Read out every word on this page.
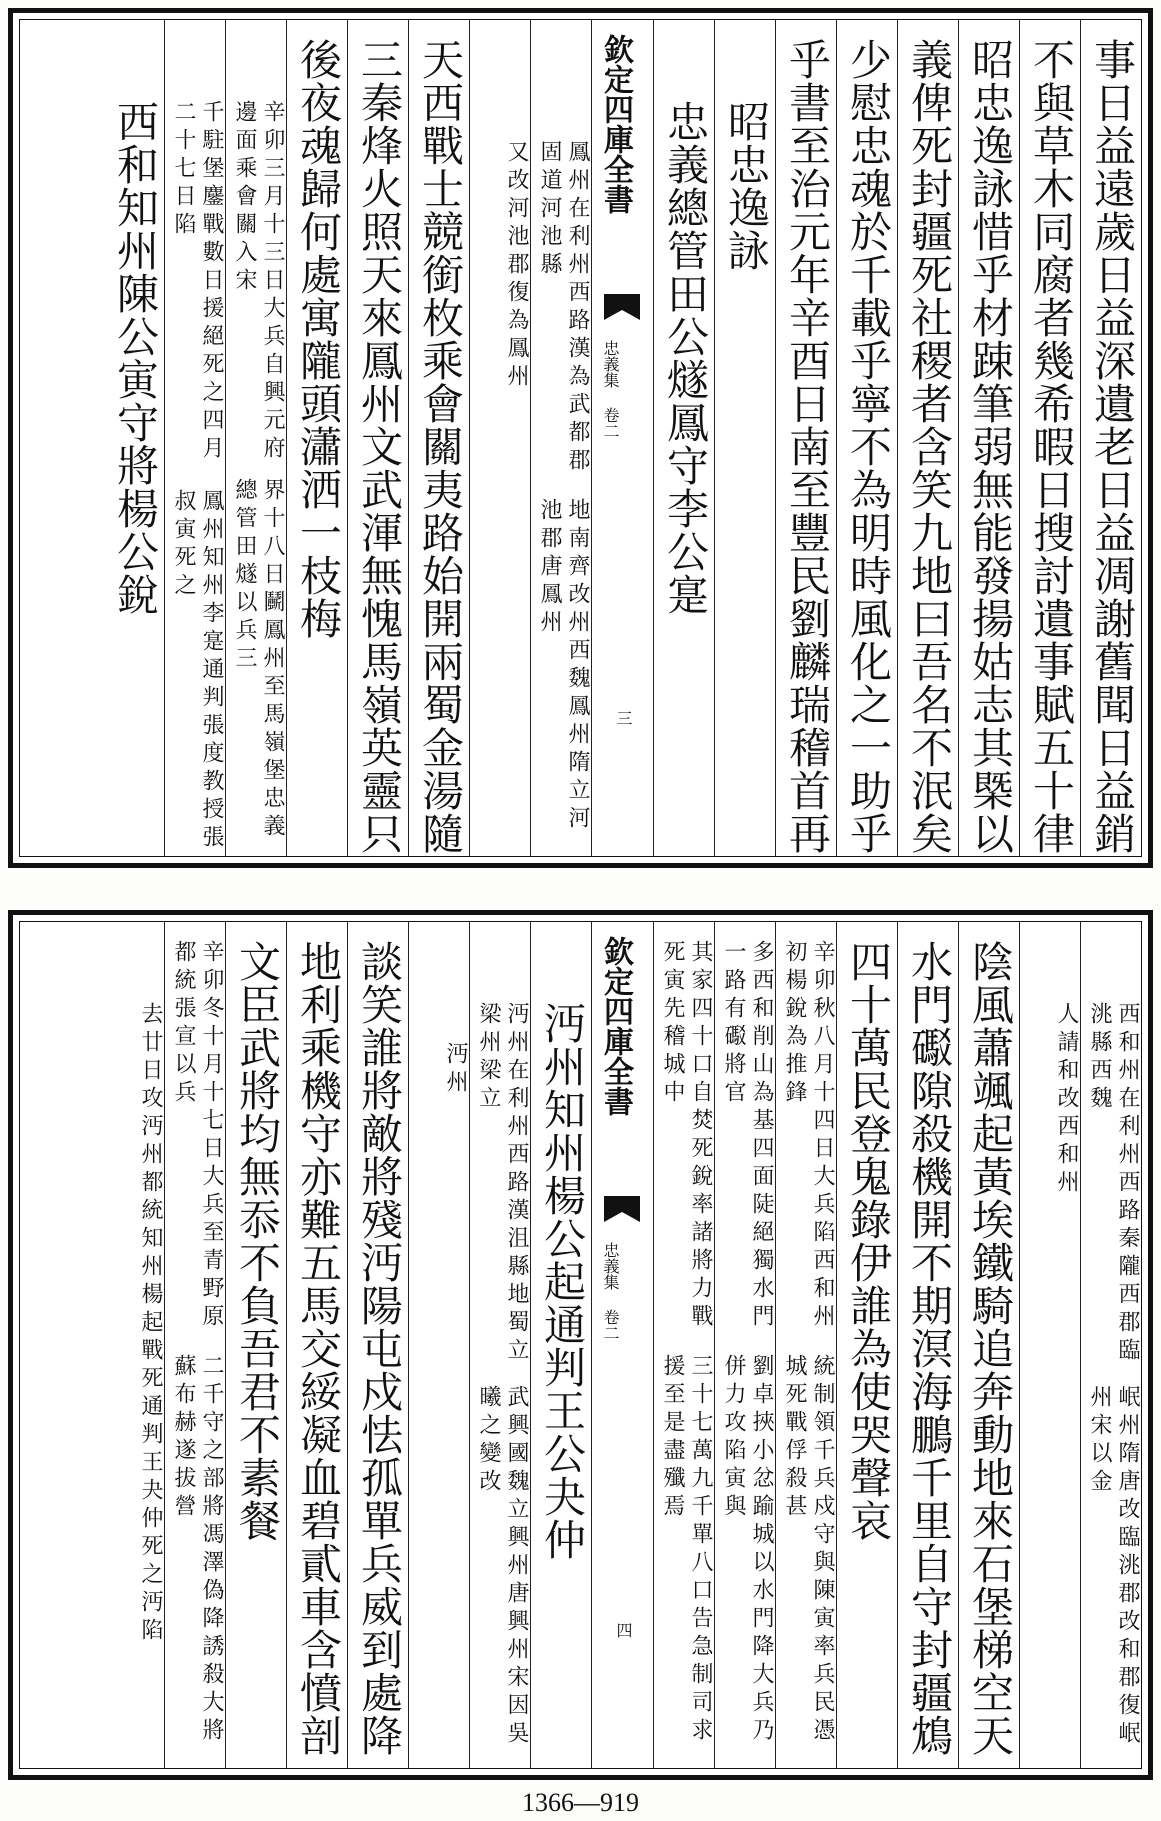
事日益遠歲日益深遺老日益凋謝舊聞日益銷
不與草木同腐者幾希暇日搜討遺事賦五十律
昭忠逸詠惜乎材踈筆弱無能發揚姑志其槩以
義俾死封疆死社稷者含笑九地曰吾名不泯矣
少慰忠魂於千載乎寧不為明時風化之一助乎
乎書至治元年辛酉日南至豐民劉麟瑞稽首再
昭忠逸詠
忠義總管田公燧鳳守李公寔
欽定四庫全書
忠義集 卷二
三
鳳州在利州西路漢為武都郡固道河池縣
地南齊改州西魏鳳州隋立河池郡唐鳳州
又改河池郡
復為鳳州
天西戰士競銜枚乘會關夷路始開兩蜀金湯隨
三秦烽火照天來鳳州文武渾無愧馬嶺英靈只
後夜魂歸何處寓隴頭瀟洒一枝梅
辛卯三月十三日大兵自興元府邊面乘會關入宋
界十八日鬭鳳州至馬嶺堡忠義總管田燧以兵三
千駐堡鏖戰數日援絕死之四月二十七日陷
鳳州知州李寔通判張度教授張叔寅死之
西和知州陳公寅守將楊公銳
西和州在利州西路秦隴西郡臨洮縣西魏
岷州隋唐改臨洮郡改和郡復岷州宋以金
人請和改
西和州
陰風蕭颯起黃埃鐵騎追奔動地來石堡梯空天
水門礟隙殺機開不期溟海鵬千里自守封疆鴆
四十萬民登鬼錄伊誰為使哭聲哀
辛卯秋八月十四日大兵陷西和州初楊銳為推鋒
統制領千兵戍守與陳寅率兵民憑城死戰俘殺甚
多西和削山為基四面陡絕獨水門一路有礟將官
劉卓挾小忿踰城以水門降大兵乃併力攻陷寅與
其家四十口自焚死銳率諸將力戰死寅先稽城中
三十七萬九千單八口告急制司求援至是盡殲焉
欽定四庫全書
忠義集 卷二
四
沔州知州楊公起通判王公夬仲
沔州在利州西路漢沮縣地蜀立梁州梁立
武興國魏立興州唐興州宋因吳曦之變改
沔
州
談笑誰將敵將殘沔陽屯戍怯孤單兵威到處降
地利乘機守亦難五馬交綏凝血碧貳車含憤剖
文臣武將均無忝不負吾君不素餐
辛卯冬十月十七日大兵至青野原都統張宣以兵
二千守之部將馮澤偽降誘殺大將蘇布赫遂拔營
去廿日攻沔州都統知州楊起
戰死通判王夬仲死之沔陷
1366—919
